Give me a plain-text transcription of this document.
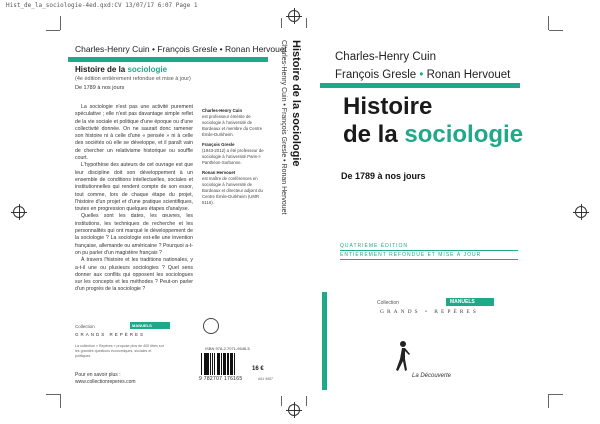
Hist_de_la_sociologie-4ed.qxd:CV 13/07/17 6:07 Page 1
Charles-Henry Cuin • François Gresle • Ronan Hervouet
Histoire de la sociologie
(4e édition entièrement refondue et mise à jour)
De 1789 à nos jours

La sociologie n'est pas une activité purement spéculative ; elle n'est pas davantage simple reflet de la vie sociale et politique d'une époque ou d'une collectivité donnée. On ne saurait donc ramener son histoire ni à celle d'une « pensée » ni à celle des sociétés où elle se développe, et il paraît vain de chercher un relativisme historique ou souffle court.

L'hypothèse des auteurs de cet ouvrage est que leur discipline doit son développement à un ensemble de conditions intellectuelles, sociales et institutionnelles qui rendent compte de son essor, tout comme, lors de chaque étape du projet, l'histoire d'un projet et d'une pratique scientifiques, toutes en progression quelques étapes d'analyse.

Quelles sont les dates, les œuvres, les institutions, les techniques de recherche et les personnalités qui ont marqué le développement de la sociologie ? La sociologie est-elle une invention française, allemande ou américaine ? Pourquoi a-t-on pu parler d'un magistère français ?

À travers l'histoire et les traditions nationales, y a-t-il une ou plusieurs sociologies ? Quel sens donner aux conflits qui opposent les sociologues sur les concepts et les méthodes ? Peut-on parler d'un progrès de la sociologie ?

Charles-Henry Cuin
est professeur émérite de sociologie à l'université de Bordeaux et membre du Centre Émile-Durkheim.

François Gresle
(1943-2012) a été professeur de sociologie à l'université Paris-I-Panthéon-Sorbonne.

Ronan Hervouet
est maître de conférences en sociologie à l'université de Bordeaux et directeur adjoint du Centre Émile-Durkheim (UMR 5116).

Collection	MANUELS
GRANDS REPÈRES
La collection « Repères » propose plus de 400 titres sur les grandes questions économiques, sociales et politiques.
Pour en savoir plus :
www.collectionreperes.com
ISBN 978-2-7071-9546-5
9 782707 176165
16 €
A61 4987
Histoire de la sociologie
Charles-Henry Cuin • François Gresle • Ronan Hervouet	Charles-Henry Cuin
François Gresle • Ronan Hervouet
Histoire
de la sociologie
De 1789 à nos jours
QUATRIÈME ÉDITION
ENTIÈREMENT REFONDUE ET MISE À JOUR
Collection	MANUELS
GRANDS • REPÈRES
La Découverte
